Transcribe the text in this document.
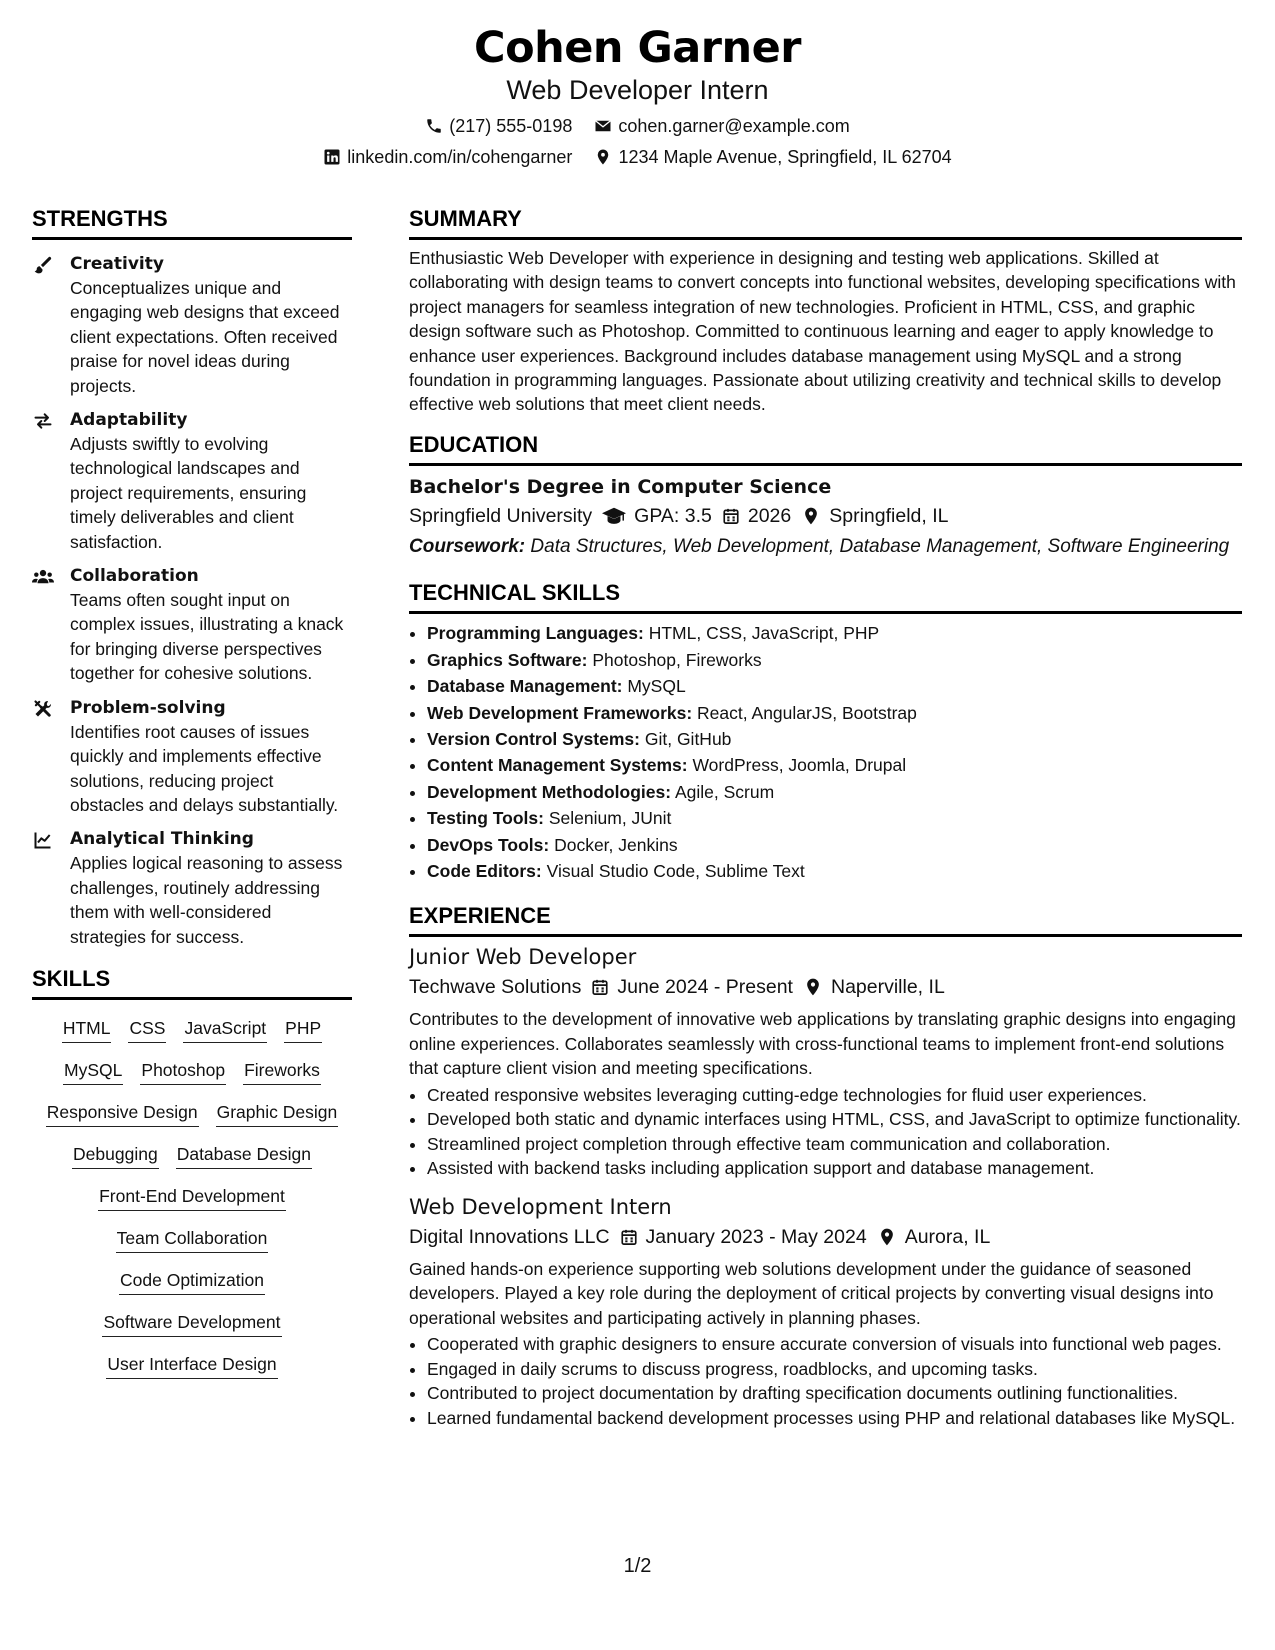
Cohen Garner
Web Developer Intern
(217) 555-0198	cohen.garner@example.com
linkedin.com/in/cohengarner	1234 Maple Avenue, Springfield, IL 62704
STRENGTHS
Creativity
Conceptualizes unique and engaging web designs that exceed client expectations. Often received praise for novel ideas during projects.
Adaptability
Adjusts swiftly to evolving technological landscapes and project requirements, ensuring timely deliverables and client satisfaction.
Collaboration
Teams often sought input on complex issues, illustrating a knack for bringing diverse perspectives together for cohesive solutions.
Problem-solving
Identifies root causes of issues quickly and implements effective solutions, reducing project obstacles and delays substantially.
Analytical Thinking
Applies logical reasoning to assess challenges, routinely addressing them with well-considered strategies for success.
SKILLS
HTML CSS JavaScript PHP
MySQL Photoshop Fireworks
Responsive Design Graphic Design
Debugging Database Design
Front-End Development
Team Collaboration
Code Optimization
Software Development
User Interface Design
SUMMARY

Enthusiastic Web Developer with experience in designing and testing web applications. Skilled at collaborating with design teams to convert concepts into functional websites, developing specifications with project managers for seamless integration of new technologies. Proficient in HTML, CSS, and graphic design software such as Photoshop. Committed to continuous learning and eager to apply knowledge to enhance user experiences. Background includes database management using MySQL and a strong foundation in programming languages. Passionate about utilizing creativity and technical skills to develop effective web solutions that meet client needs.

EDUCATION
Bachelor's Degree in Computer Science
Springfield University GPA: 3.5 2026 Springfield, IL
Coursework: Data Structures, Web Development, Database Management, Software Engineering
TECHNICAL SKILLS
• Programming Languages: HTML, CSS, JavaScript, PHP
• Graphics Software: Photoshop, Fireworks
• Database Management: MySQL
• Web Development Frameworks: React, AngularJS, Bootstrap
• Version Control Systems: Git, GitHub
• Content Management Systems: WordPress, Joomla, Drupal
• Development Methodologies: Agile, Scrum
• Testing Tools: Selenium, JUnit
• DevOps Tools: Docker, Jenkins
• Code Editors: Visual Studio Code, Sublime Text
EXPERIENCE
Junior Web Developer
Techwave Solutions June 2024 - Present Naperville, IL

Contributes to the development of innovative web applications by translating graphic designs into engaging online experiences. Collaborates seamlessly with cross-functional teams to implement front-end solutions that capture client vision and meeting specifications.

• Created responsive websites leveraging cutting-edge technologies for fluid user experiences.
• Developed both static and dynamic interfaces using HTML, CSS, and JavaScript to optimize functionality.
• Streamlined project completion through effective team communication and collaboration.
• Assisted with backend tasks including application support and database management.
Web Development Intern
Digital Innovations LLC January 2023 - May 2024 Aurora, IL

Gained hands-on experience supporting web solutions development under the guidance of seasoned developers. Played a key role during the deployment of critical projects by converting visual designs into operational websites and participating actively in planning phases.

• Cooperated with graphic designers to ensure accurate conversion of visuals into functional web pages.
• Engaged in daily scrums to discuss progress, roadblocks, and upcoming tasks.
• Contributed to project documentation by drafting specification documents outlining functionalities.
• Learned fundamental backend development processes using PHP and relational databases like MySQL.
1/2
